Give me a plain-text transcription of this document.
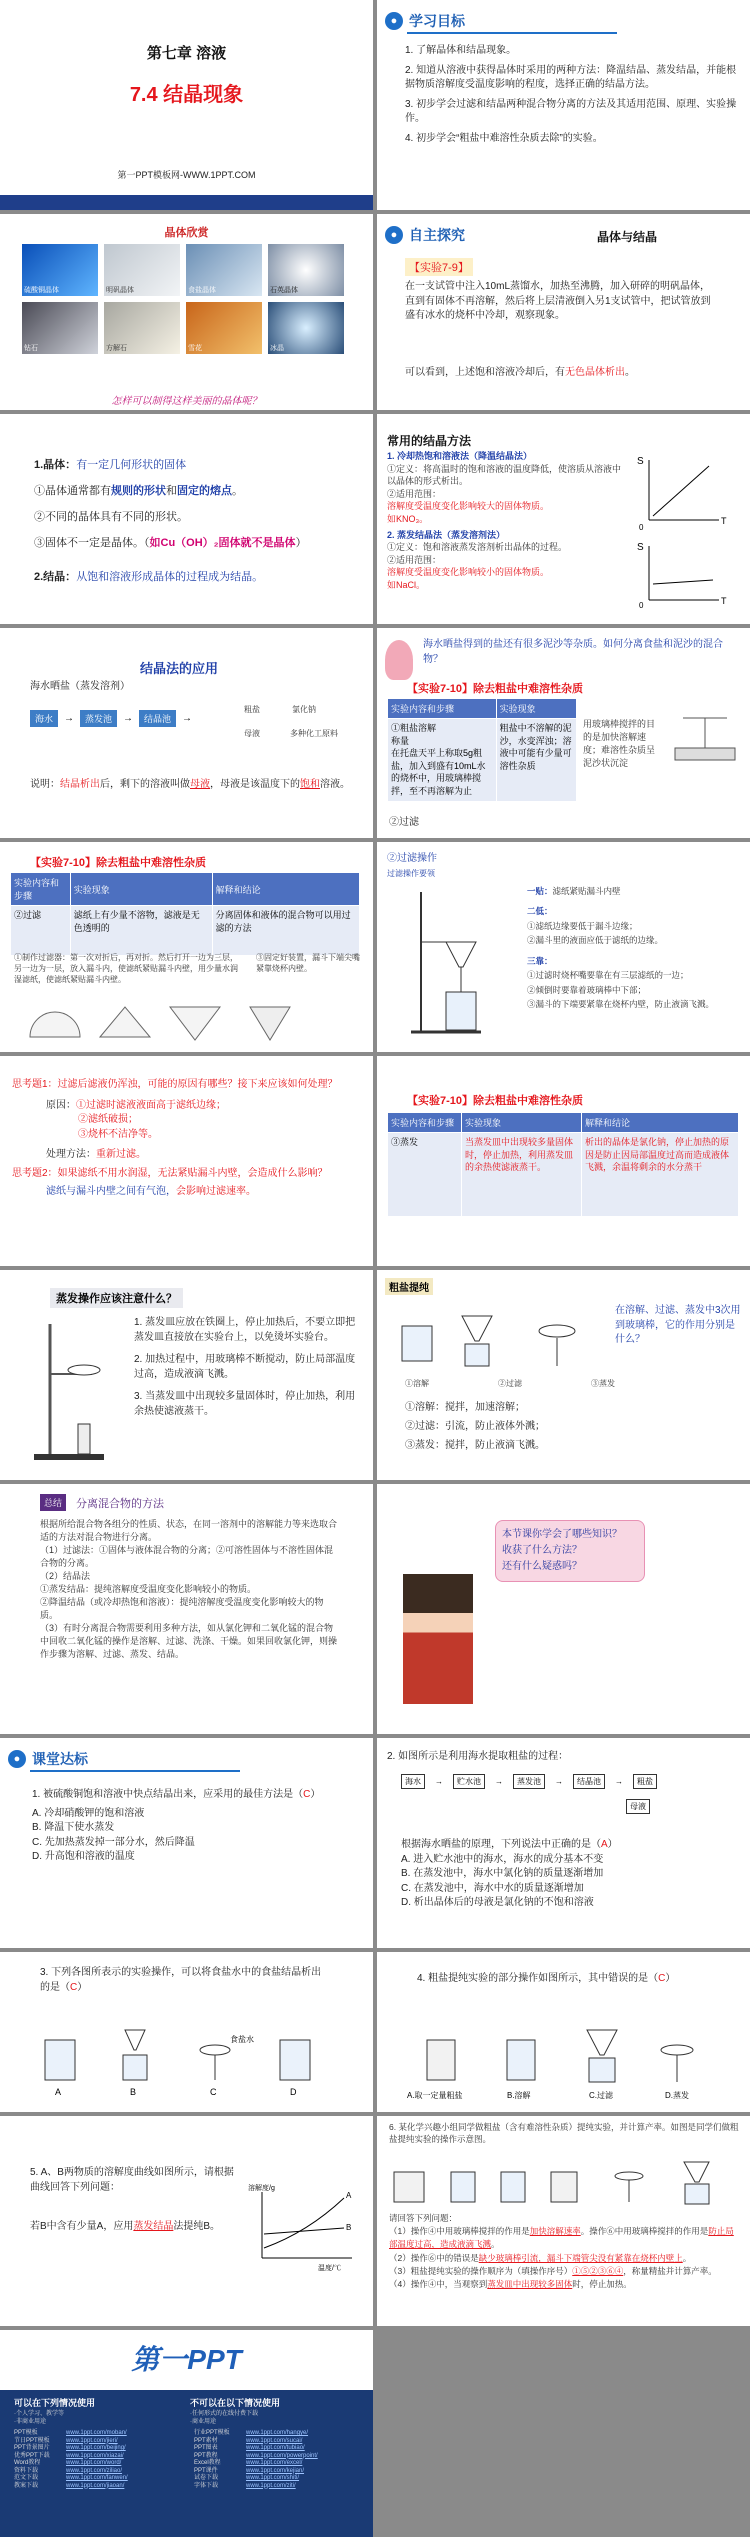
第七章 溶液
7.4 结晶现象
第一PPT模板网-WWW.1PPT.COM
● 学习目标
1. 了解晶体和结晶现象。
2. 知道从溶液中获得晶体时采用的两种方法：降温结晶、蒸发结晶，并能根据物质溶解度受温度影响的程度，选择正确的结晶方法。
3. 初步学会过滤和结晶两种混合物分离的方法及其适用范围、原理、实验操作。
4. 初步学会“粗盐中难溶性杂质去除”的实验。
晶体欣赏
硫酸铜晶体	明矾晶体	食盐晶体	石英晶体
钻石	方解石	雪花	冰晶
怎样可以制得这样美丽的晶体呢？
● 自主探究	晶体与结晶
【实验7-9】
在一支试管中注入10mL蒸馏水，加热至沸腾，加入研碎的明矾晶体，直到有固体不再溶解，然后将上层清液倒入另1支试管中，把试管放到盛有冰水的烧杯中冷却，观察现象。
可以看到，上述饱和溶液冷却后，有无色晶体析出。
1.晶体：有一定几何形状的固体
①晶体通常都有规则的形状和固定的熔点。
②不同的晶体具有不同的形状。
③固体不一定是晶体。（如Cu（OH）₂固体就不是晶体）
2.结晶：从饱和溶液形成晶体的过程成为结晶。
常用的结晶方法
1. 冷却热饱和溶液法（降温结晶法）
①定义：将高温时的饱和溶液的温度降低，使溶质从溶液中以晶体的形式析出。
②适用范围：
溶解度受温度变化影响较大的固体物质。
如KNO₃。
2. 蒸发结晶法（蒸发溶剂法）
①定义：饱和溶液蒸发溶剂析出晶体的过程。
②适用范围：
溶解度受温度变化影响较小的固体物质。
如NaCl。
S
T
0
S
T
0
结晶法的应用
海水晒盐（蒸发溶剂）
海水	→	蒸发池	→	结晶池	→
粗盐	氯化钠
母液	多种化工原料
说明：结晶析出后，剩下的溶液叫做母液，母液是该温度下的饱和溶液。
海水晒盐得到的盐还有很多泥沙等杂质。如何分离食盐和泥沙的混合物？
【实验7-10】除去粗盐中难溶性杂质
实验内容和步骤	实验现象
①粗盐溶解
称量
在托盘天平上称取5g粗盐，加入到盛有10mL水的烧杯中，用玻璃棒搅拌，至不再溶解为止	粗盐中不溶解的泥沙，水变浑浊；溶液中可能有少量可溶性杂质
用玻璃棒搅拌的目的是加快溶解速度；难溶性杂质呈泥沙状沉淀
②过滤
【实验7-10】除去粗盐中难溶性杂质
实验内容和步骤	实验现象	解释和结论
②过滤	滤纸上有少量不溶物，滤液是无色透明的	分离固体和液体的混合物可以用过滤的方法
①制作过滤器：第一次对折后，再对折。然后打开一边为三层，另一边为一层，放入漏斗内，使滤纸紧贴漏斗内壁，用少量水润湿滤纸，使滤纸紧贴漏斗内壁。
③固定好装置，漏斗下端尖嘴紧靠烧杯内壁。
②过滤操作
过滤操作要领
一贴：滤纸紧贴漏斗内壁
二低：
①滤纸边缘要低于漏斗边缘；
②漏斗里的液面应低于滤纸的边缘。
三靠：
①过滤时烧杯嘴要靠在有三层滤纸的一边；
②倾倒时要靠着玻璃棒中下部；
③漏斗的下端要紧靠在烧杯内壁，防止液滴飞溅。
思考题1：过滤后滤液仍浑浊，可能的原因有哪些？接下来应该如何处理？
原因：①过滤时滤液液面高于滤纸边缘；
②滤纸破损；
③烧杯不洁净等。
处理方法：重新过滤。
思考题2：如果滤纸不用水润湿，无法紧贴漏斗内壁，会造成什么影响？
滤纸与漏斗内壁之间有气泡，会影响过滤速率。
【实验7-10】除去粗盐中难溶性杂质
实验内容和步骤	实验现象	解释和结论
③蒸发	当蒸发皿中出现较多量固体时，停止加热，利用蒸发皿的余热使滤液蒸干。	析出的晶体是氯化钠，停止加热的原因是防止因局部温度过高而造成液体飞溅，余温将剩余的水分蒸干
蒸发操作应该注意什么？
1. 蒸发皿应放在铁圈上，停止加热后，不要立即把蒸发皿直接放在实验台上，以免烫坏实验台。
2. 加热过程中，用玻璃棒不断搅动，防止局部温度过高，造成液滴飞溅。
3. 当蒸发皿中出现较多量固体时，停止加热，利用余热使滤液蒸干。
粗盐提纯
①溶解	②过滤	③蒸发
在溶解、过滤、蒸发中3次用到玻璃棒，它的作用分别是什么？
①溶解：搅拌，加速溶解；
②过滤：引流，防止液体外溅；
③蒸发：搅拌，防止液滴飞溅。
总结	分离混合物的方法
根据所给混合物各组分的性质、状态，在同一溶剂中的溶解能力等来选取合适的方法对混合物进行分离。
（1）过滤法：①固体与液体混合物的分离；②可溶性固体与不溶性固体混合物的分离。
（2）结晶法
①蒸发结晶：提纯溶解度受温度变化影响较小的物质。
②降温结晶（或冷却热饱和溶液）：提纯溶解度受温度变化影响较大的物质。
（3）有时分离混合物需要利用多种方法，如从氯化钾和二氧化锰的混合物中回收二氧化锰的操作是溶解、过滤、洗涤、干燥。如果回收氯化钾，则操作步骤为溶解、过滤、蒸发、结晶。
本节课你学会了哪些知识？
收获了什么方法？
还有什么疑惑吗？
● 课堂达标
1. 被硫酸铜饱和溶液中快点结晶出来，应采用的最佳方法是（C）
A. 冷却硝酸钾的饱和溶液
B. 降温下使水蒸发
C. 先加热蒸发掉一部分水，然后降温
D. 升高饱和溶液的温度
2. 如图所示是利用海水提取粗盐的过程：
海水	→	贮水池	→	蒸发池	→	结晶池	→	粗盐
母液
根据海水晒盐的原理，下列说法中正确的是（A）
A. 进入贮水池中的海水，海水的成分基本不变
B. 在蒸发池中，海水中氯化钠的质量逐渐增加
C. 在蒸发池中，海水中水的质量逐渐增加
D. 析出晶体后的母液是氯化钠的不饱和溶液
3. 下列各图所表示的实验操作，可以将食盐水中的食盐结晶析出的是（C）
A	B	C	D
食盐水
4. 粗盐提纯实验的部分操作如图所示，其中错误的是（C）
A.取一定量粗盐	B.溶解	C.过滤	D.蒸发
5. A、B两物质的溶解度曲线如图所示，请根据曲线回答下列问题：
若B中含有少量A，应用蒸发结晶法提纯B。
溶解度/g
温度/℃
A
B
6. 某化学兴趣小组同学做粗盐（含有难溶性杂质）提纯实验，并计算产率。如图是同学们做粗盐提纯实验的操作示意图。
请回答下列问题：
（1）操作④中用玻璃棒搅拌的作用是加快溶解速率。操作⑥中用玻璃棒搅拌的作用是防止局部温度过高，造成液滴飞溅。
（2）操作⑥中的错误是缺少玻璃棒引流，漏斗下端管尖没有紧靠在烧杯内壁上。
（3）粗盐提纯实验的操作顺序为（填操作序号）①⑤②③⑥④，称量精盐并计算产率。
（4）操作④中，当观察到蒸发皿中出现较多固体时，停止加热。
第一PPT
可以在下列情况使用
·个人学习、教学等
·非商业用途
不可以在以下情况使用
·任何形式的在线付费下载
·商业用途
PPT模板	www.1ppt.com/moban/	行业PPT模板	www.1ppt.com/hangye/
节日PPT模板	www.1ppt.com/jieri/	PPT素材	www.1ppt.com/sucai/
PPT背景图片	www.1ppt.com/beijing/	PPT图表	www.1ppt.com/tubiao/
优秀PPT下载	www.1ppt.com/xiazai/	PPT教程	www.1ppt.com/powerpoint/
Word教程	www.1ppt.com/word/	Excel教程	www.1ppt.com/excel/
资料下载	www.1ppt.com/ziliao/	PPT课件	www.1ppt.com/kejian/
范文下载	www.1ppt.com/fanwen/	试卷下载	www.1ppt.com/shiti/
教案下载	www.1ppt.com/jiaoan/	字体下载	www.1ppt.com/ziti/
